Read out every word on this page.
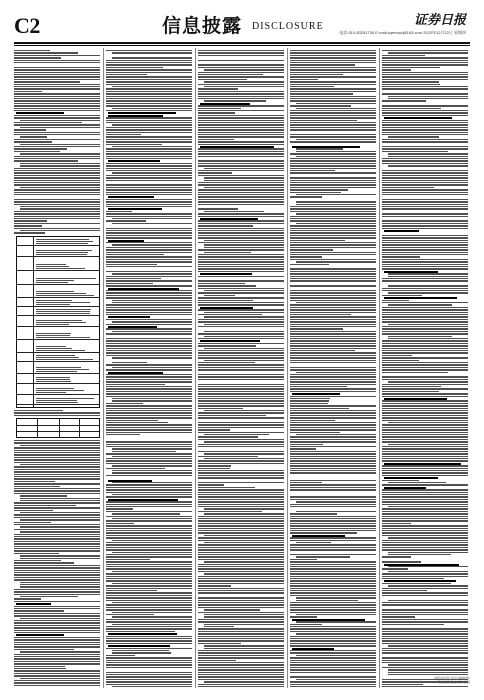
C2	信息披露 DISCLOSURE	证券日报
电话:010-83251730 E-mail:zqrbxxpl@163.com 2022年12月22日 星期四
本版由证券日报社编辑制作
责任编辑:张晓 制作:张晓
